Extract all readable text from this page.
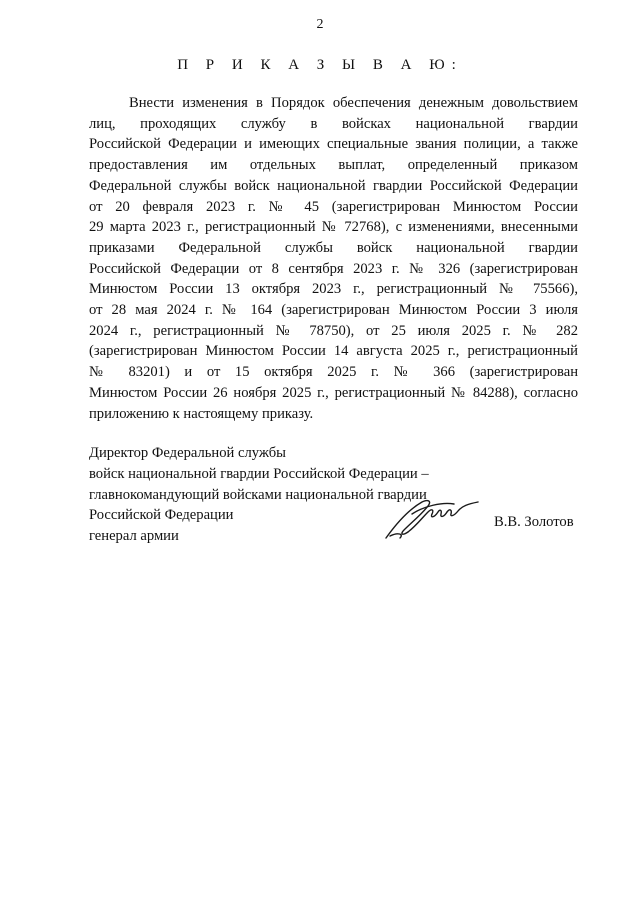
2
П Р И К А З Ы В А Ю:
Внести изменения в Порядок обеспечения денежным довольствием
лиц, проходящих службу в войсках национальной гвардии
Российской Федерации и имеющих специальные звания полиции, а также
предоставления им отдельных выплат, определенный приказом
Федеральной службы войск национальной гвардии Российской Федерации
от 20 февраля 2023 г. № 45 (зарегистрирован Минюстом России
29 марта 2023 г., регистрационный № 72768), с изменениями, внесенными
приказами Федеральной службы войск национальной гвардии
Российской Федерации от 8 сентября 2023 г. № 326 (зарегистрирован
Минюстом России 13 октября 2023 г., регистрационный № 75566),
от 28 мая 2024 г. № 164 (зарегистрирован Минюстом России 3 июля
2024 г., регистрационный № 78750), от 25 июля 2025 г. № 282
(зарегистрирован Минюстом России 14 августа 2025 г., регистрационный
№ 83201) и от 15 октября 2025 г. № 366 (зарегистрирован
Минюстом России 26 ноября 2025 г., регистрационный № 84288), согласно
приложению к настоящему приказу.
Директор Федеральной службы
войск национальной гвардии Российской Федерации –
главнокомандующий войсками национальной гвардии
Российской Федерации
генерал армии
В.В. Золотов
